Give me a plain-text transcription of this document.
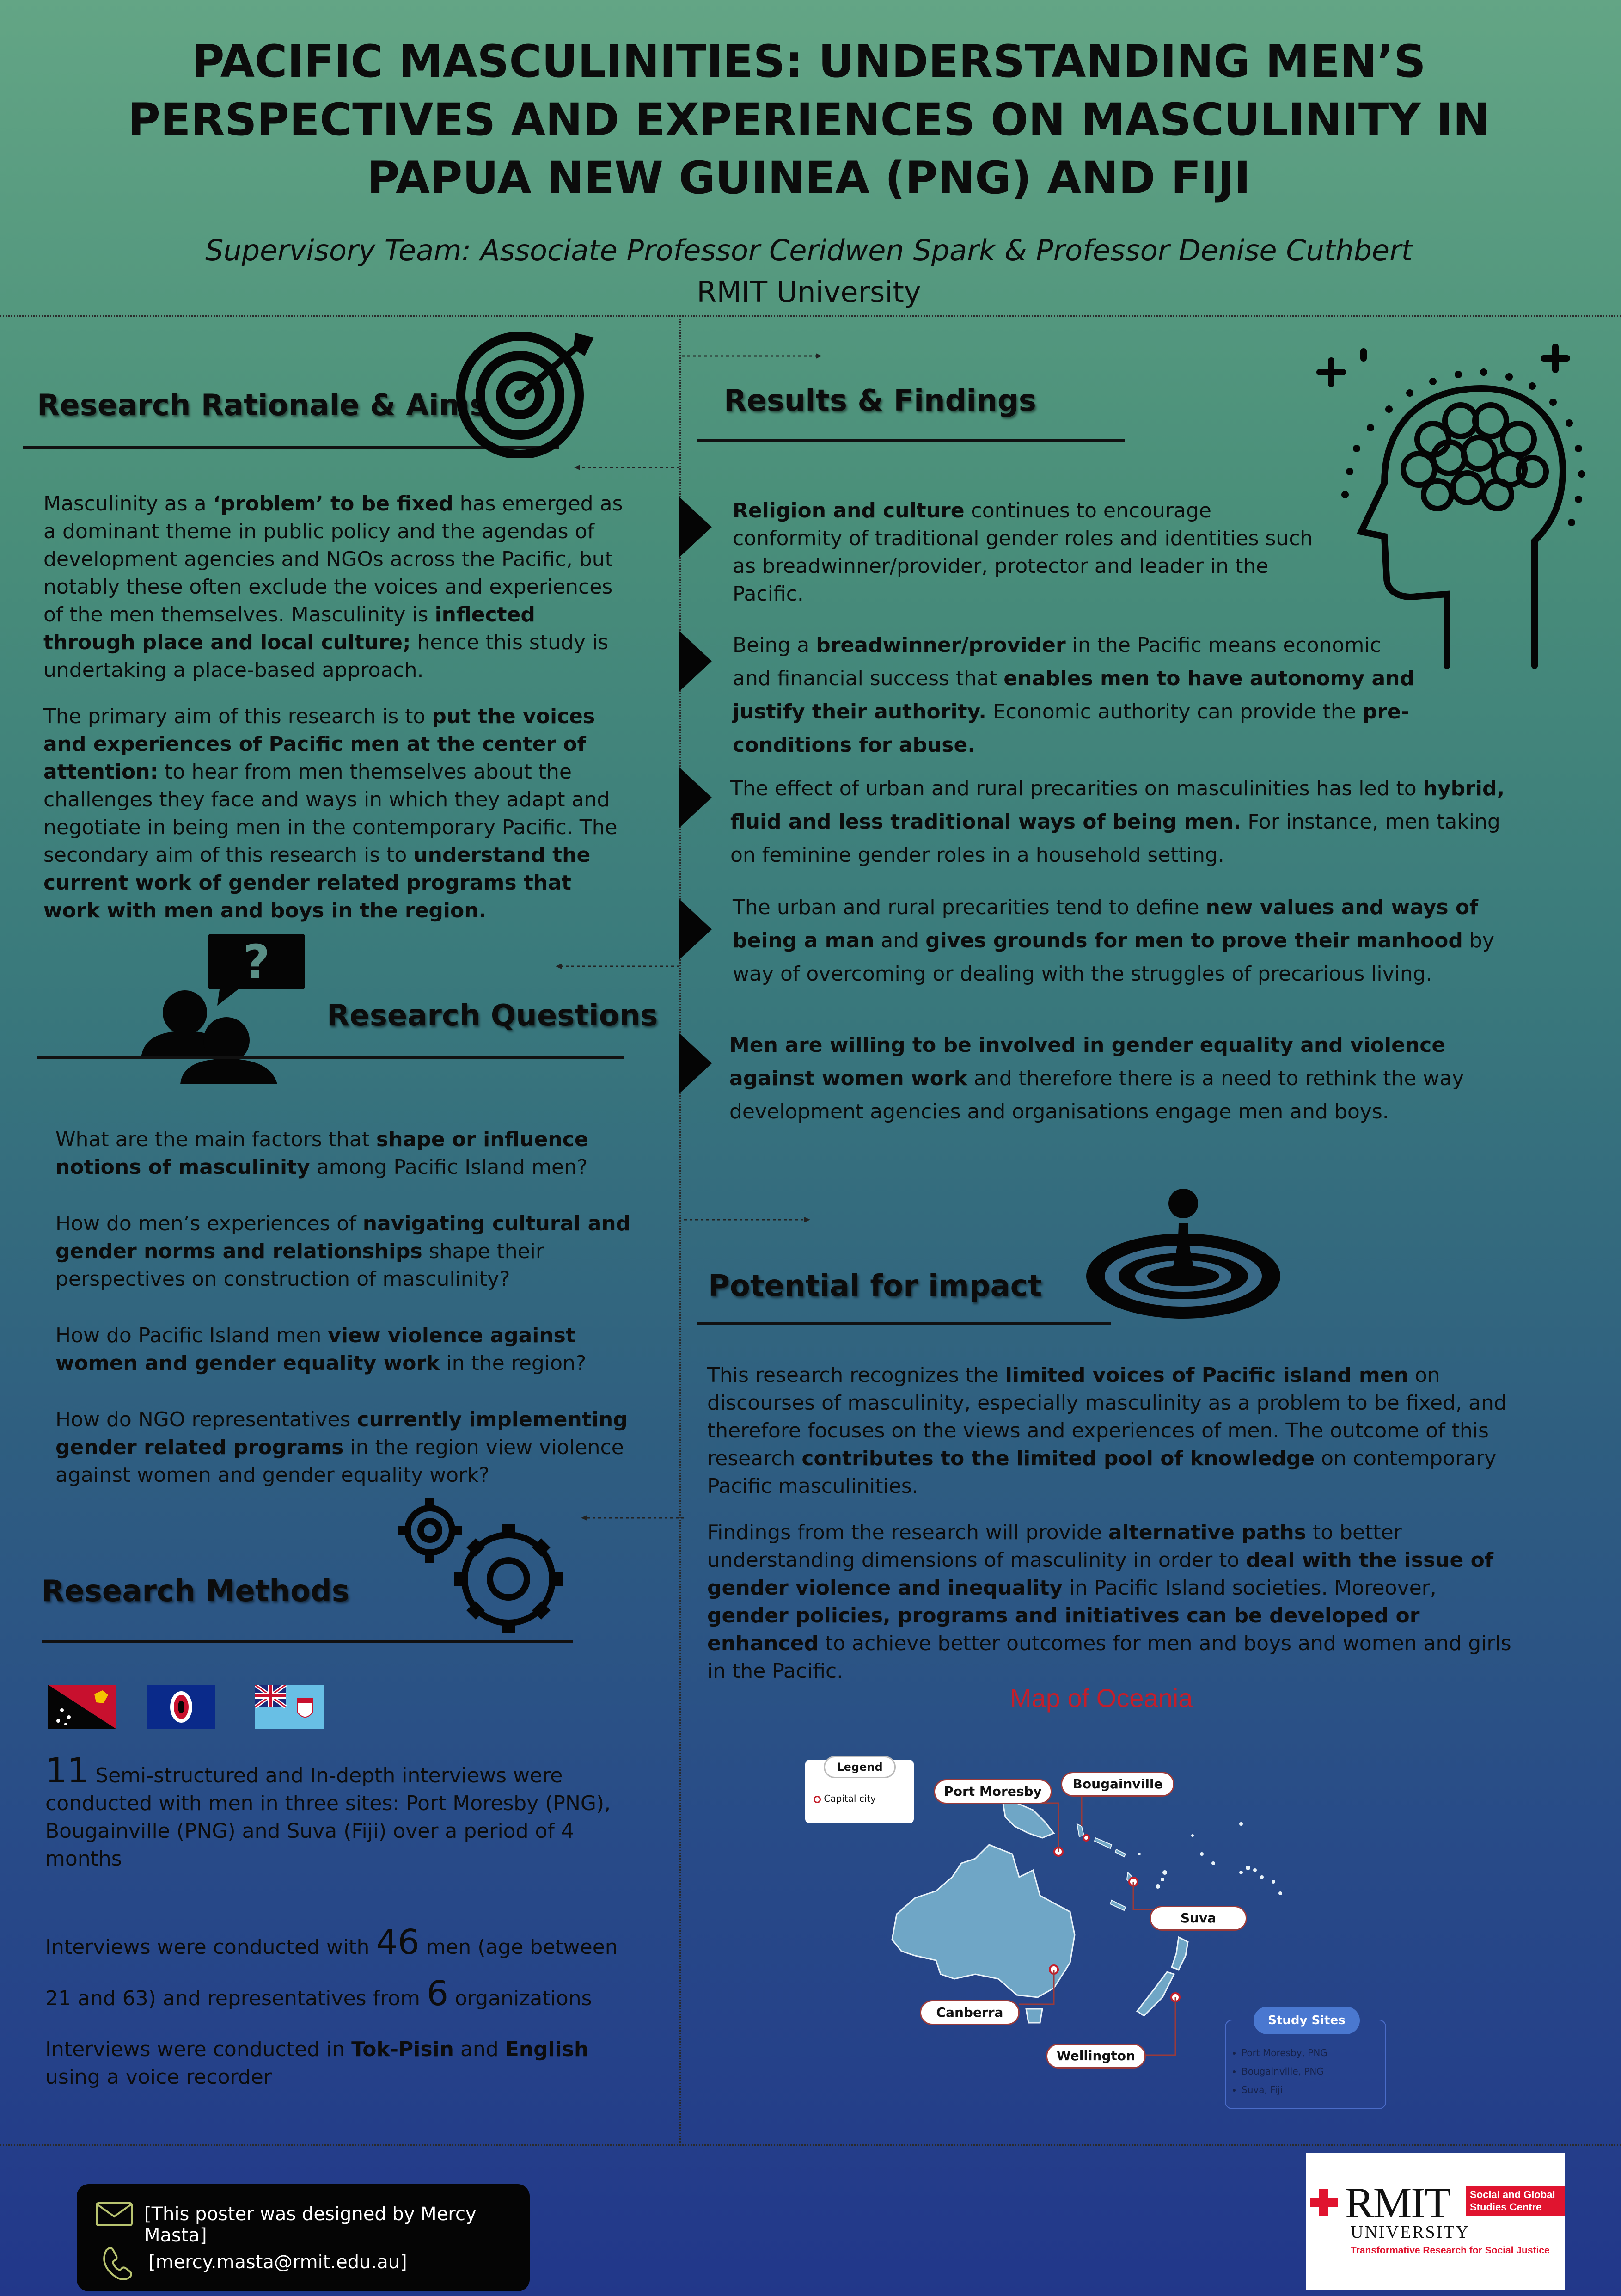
PACIFIC MASCULINITIES: UNDERSTANDING MEN’S
PERSPECTIVES AND EXPERIENCES ON MASCULINITY IN
PAPUA NEW GUINEA (PNG) AND FIJI
Supervisory Team: Associate Professor Ceridwen Spark & Professor Denise Cuthbert
RMIT University
Research Rationale & Aims

Masculinity as a ‘problem’ to be fixed has emerged as a dominant theme in public policy and the agendas of development agencies and NGOs across the Pacific, but notably these often exclude the voices and experiences of the men themselves. Masculinity is inflected through place and local culture; hence this study is undertaking a place-based approach.

The primary aim of this research is to put the voices and experiences of Pacific men at the center of attention: to hear from men themselves about the challenges they face and ways in which they adapt and negotiate in being men in the contemporary Pacific. The secondary aim of this research is to understand the current work of gender related programs that work with men and boys in the region.

?
Research Questions

What are the main factors that shape or influence notions of masculinity among Pacific Island men?

How do men’s experiences of navigating cultural and gender norms and relationships shape their perspectives on construction of masculinity?

How do Pacific Island men view violence against women and gender equality work in the region?

How do NGO representatives currently implementing gender related programs in the region view violence against women and gender equality work?

Research Methods

11 Semi-structured and In-depth interviews were conducted with men in three sites: Port Moresby (PNG), Bougainville (PNG) and Suva (Fiji) over a period of 4 months

Interviews were conducted with 46 men (age between 21 and 63) and representatives from 6 organizations

Interviews were conducted in Tok-Pisin and English using a voice recorder

Results & Findings
Religion and culture continues to encourage conformity of traditional gender roles and identities such as breadwinner/provider, protector and leader in the Pacific.
Being a breadwinner/provider in the Pacific means economic and financial success that enables men to have autonomy and justify their authority. Economic authority can provide the pre-conditions for abuse.
The effect of urban and rural precarities on masculinities has led to hybrid, fluid and less traditional ways of being men. For instance, men taking on feminine gender roles in a household setting.
The urban and rural precarities tend to define new values and ways of being a man and gives grounds for men to prove their manhood by way of overcoming or dealing with the struggles of precarious living.
Men are willing to be involved in gender equality and violence against women work and therefore there is a need to rethink the way development agencies and organisations engage men and boys.
Potential for impact

This research recognizes the limited voices of Pacific island men on discourses of masculinity, especially masculinity as a problem to be fixed, and therefore focuses on the views and experiences of men. The outcome of this research contributes to the limited pool of knowledge on contemporary Pacific masculinities.

Findings from the research will provide alternative paths to better understanding dimensions of masculinity in order to deal with the issue of gender violence and inequality in Pacific Island societies. Moreover, gender policies, programs and initiatives can be developed or enhanced to achieve better outcomes for men and boys and women and girls in the Pacific.

Map of Oceania
Legend
Capital city	Port Moresby	Bougainville
Suva
Canberra
Wellington
Study Sites
• Port Moresby, PNG
• Bougainville, PNG
• Suva, Fiji
[This poster was designed by Mercy Masta]
[mercy.masta@rmit.edu.au]
RMIT
UNIVERSITY
Social and Global
Studies Centre
Transformative Research for Social Justice
